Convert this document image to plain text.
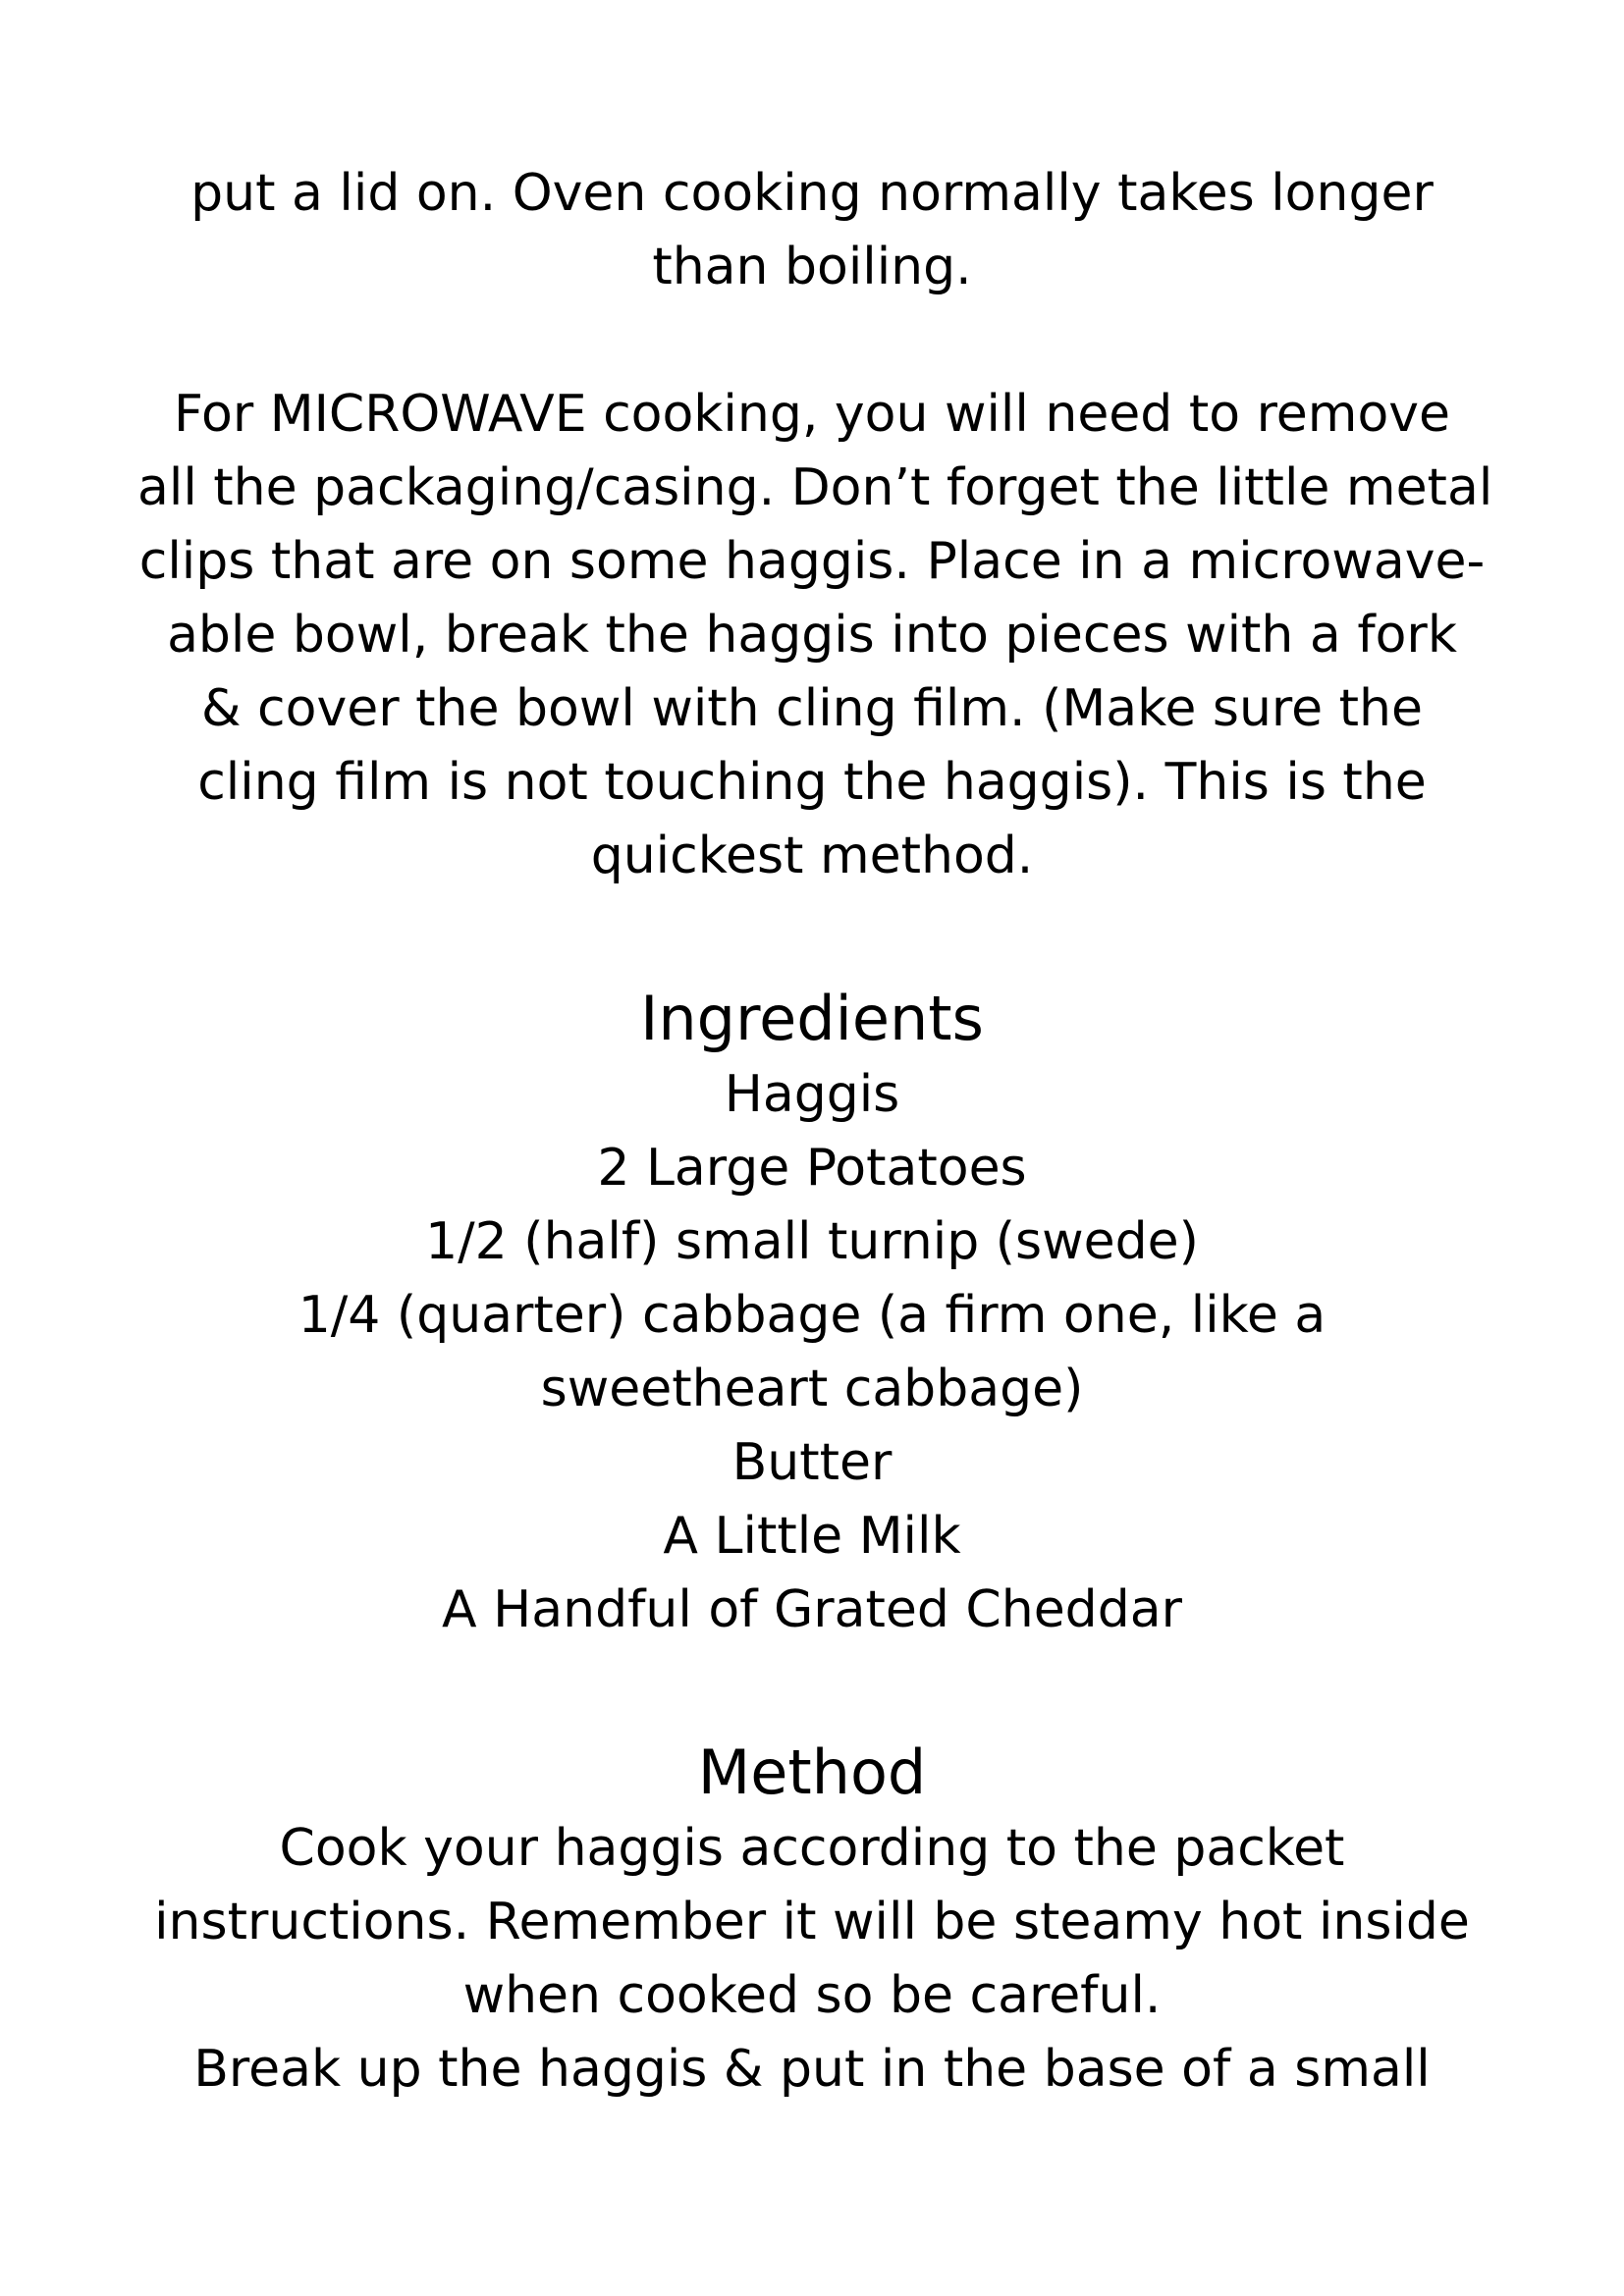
put a lid on. Oven cooking normally takes longer
than boiling.
For MICROWAVE cooking, you will need to remove
all the packaging/casing. Don’t forget the little metal
clips that are on some haggis. Place in a microwave-
able bowl, break the haggis into pieces with a fork
& cover the bowl with cling film. (Make sure the
cling film is not touching the haggis). This is the
quickest method.
Ingredients
Haggis
2 Large Potatoes
1/2 (half) small turnip (swede)
1/4 (quarter) cabbage (a firm one, like a
sweetheart cabbage)
Butter
A Little Milk
A Handful of Grated Cheddar
Method
Cook your haggis according to the packet
instructions. Remember it will be steamy hot inside
when cooked so be careful.
Break up the haggis & put in the base of a small
